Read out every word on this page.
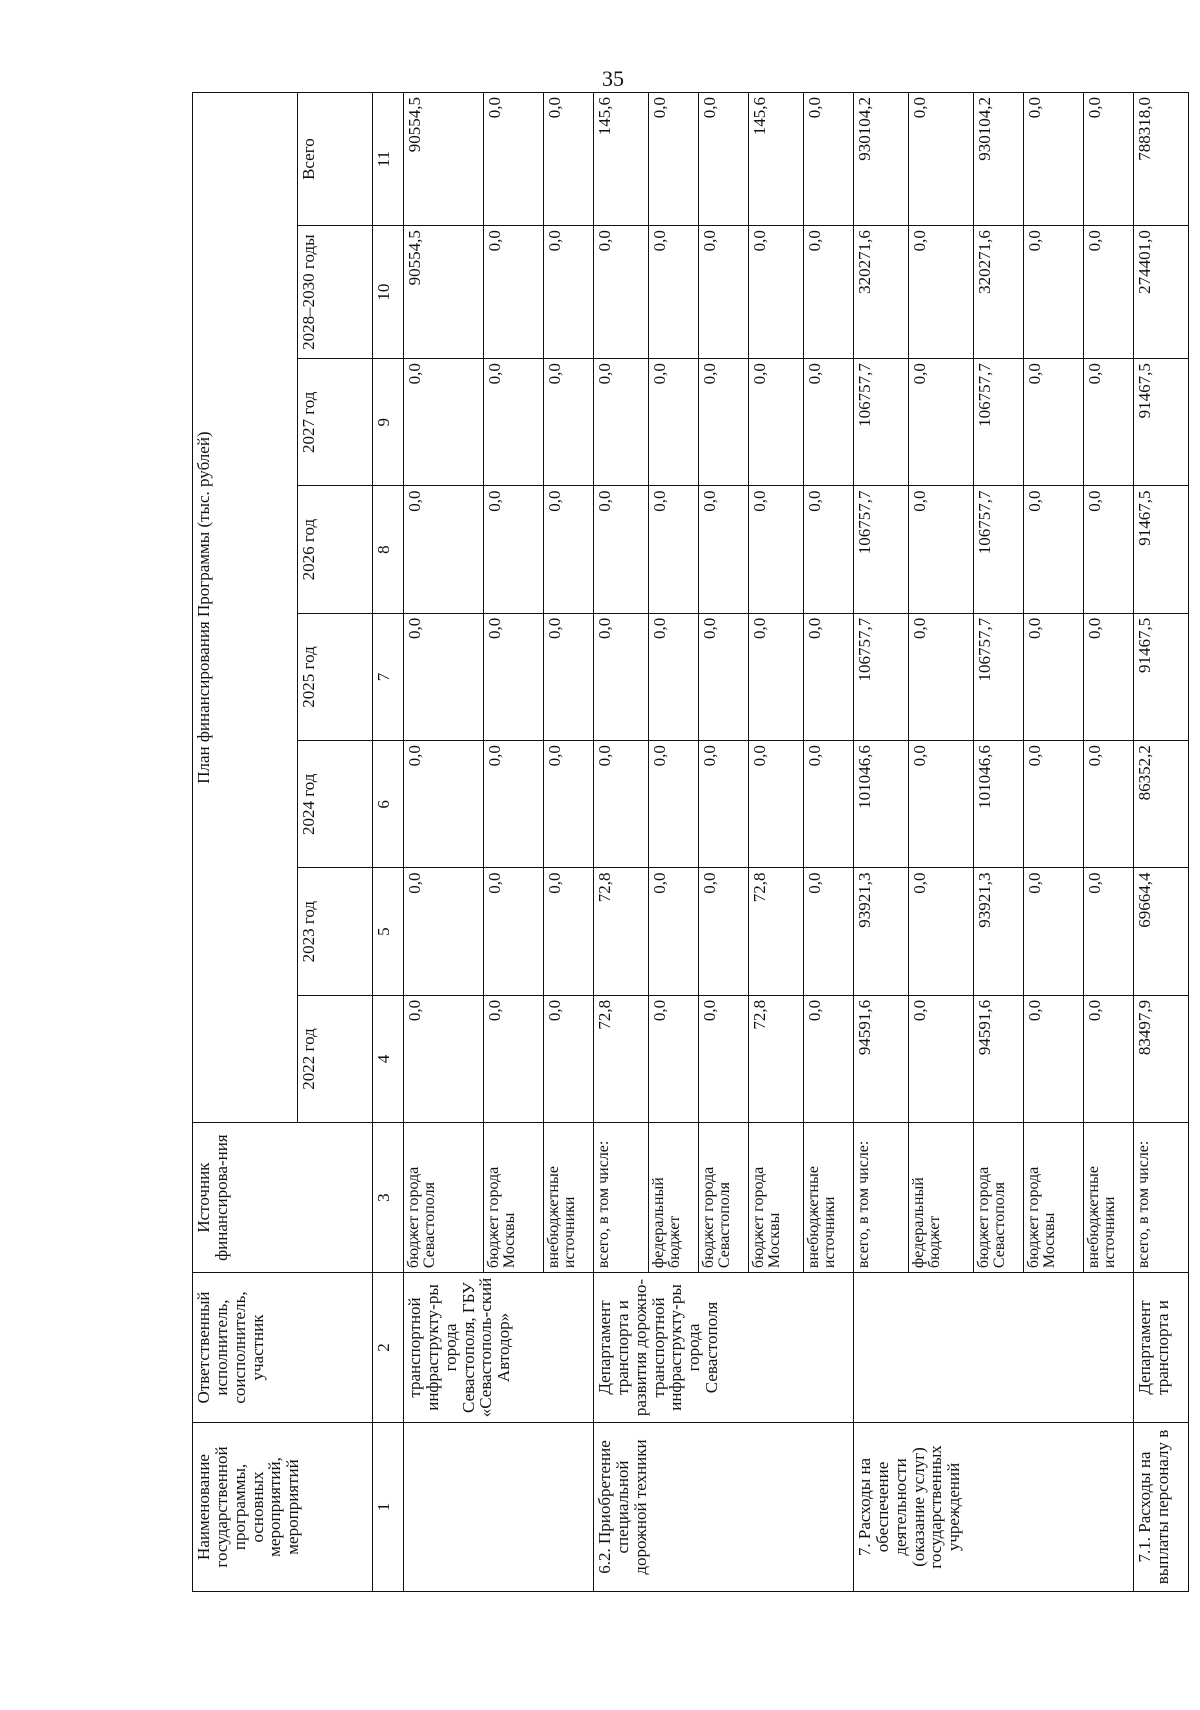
35
Наименование государственной программы, основных мероприятий, мероприятий	Ответственный исполнитель, соисполнитель, участник	Источник финансирова-ния	План финансирования Программы (тыс. рублей)							
			2022 год	2023 год	2024 год	2025 год	2026 год	2027 год	2028–2030 годы	Всего
1	2	3	4	5	6	7	8	9	10	11
	транспортной инфраструкту-ры города Севастополя, ГБУ «Севастополь-ский Автодор»	бюджет города Севастополя	0,0	0,0	0,0	0,0	0,0	0,0	90554,5	90554,5
		бюджет города Москвы	0,0	0,0	0,0	0,0	0,0	0,0	0,0	0,0
		внебюджетные источники	0,0	0,0	0,0	0,0	0,0	0,0	0,0	0,0
6.2. Приобретение специальной дорожной техники	Департамент транспорта и развития дорожно-транспортной инфраструкту-ры города Севастополя	всего, в том числе:	72,8	72,8	0,0	0,0	0,0	0,0	0,0	145,6
		федеральный бюджет	0,0	0,0	0,0	0,0	0,0	0,0	0,0	0,0
		бюджет города Севастополя	0,0	0,0	0,0	0,0	0,0	0,0	0,0	0,0
		бюджет города Москвы	72,8	72,8	0,0	0,0	0,0	0,0	0,0	145,6
		внебюджетные источники	0,0	0,0	0,0	0,0	0,0	0,0	0,0	0,0
7. Расходы на обеспечение деятельности (оказание услуг) государственных учреждений		всего, в том числе:	94591,6	93921,3	101046,6	106757,7	106757,7	106757,7	320271,6	930104,2
		федеральный бюджет	0,0	0,0	0,0	0,0	0,0	0,0	0,0	0,0
		бюджет города Севастополя	94591,6	93921,3	101046,6	106757,7	106757,7	106757,7	320271,6	930104,2
		бюджет города Москвы	0,0	0,0	0,0	0,0	0,0	0,0	0,0	0,0
		внебюджетные источники	0,0	0,0	0,0	0,0	0,0	0,0	0,0	0,0
7.1. Расходы на выплаты персоналу в	Департамент транспорта и	всего, в том числе:	83497,9	69664,4	86352,2	91467,5	91467,5	91467,5	274401,0	788318,0
